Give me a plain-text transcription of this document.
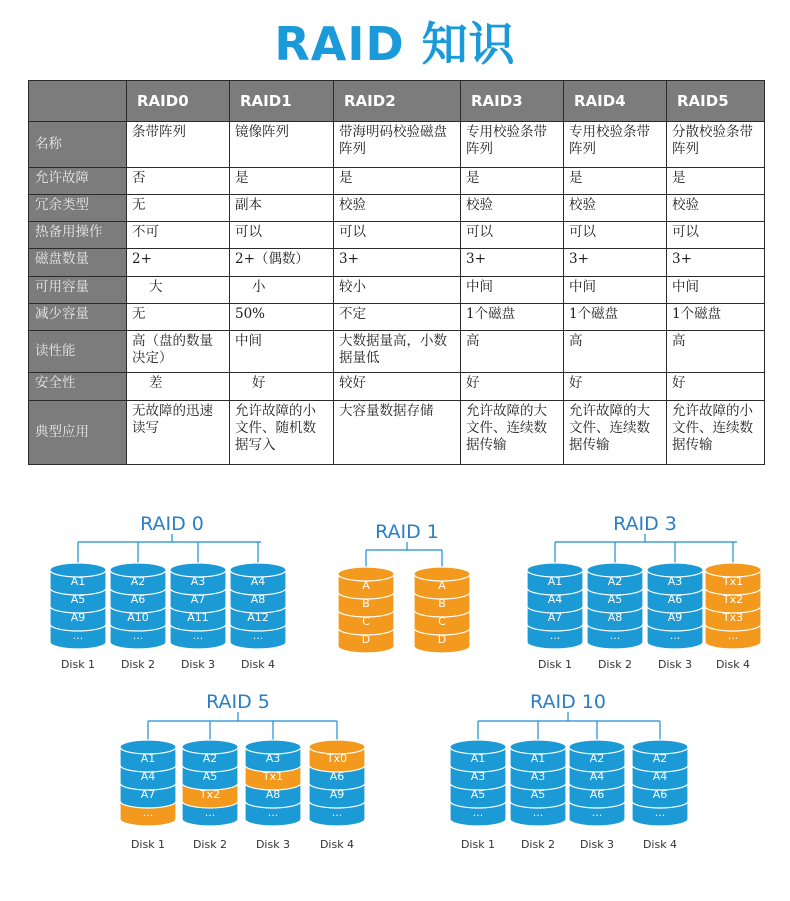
RAID 知识
	RAID0	RAID1	RAID2	RAID3	RAID4	RAID5
名称	条带阵列	镜像阵列	带海明码校验磁盘阵列	专用校验条带阵列	专用校验条带阵列	分散校验条带阵列
允许故障	否	是	是	是	是	是
冗余类型	无	副本	校验	校验	校验	校验
热备用操作	不可	可以	可以	可以	可以	可以
磁盘数量	2+	2+（偶数）	3+	3+	3+	3+
可用容量	大	小	较小	中间	中间	中间
减少容量	无	50%	不定	1个磁盘	1个磁盘	1个磁盘
读性能	高（盘的数量决定）	中间	大数据量高，小数据量低	高	高	高
安全性	差	好	较好	好	好	好
典型应用	无故障的迅速读写	允许故障的小文件、随机数据写入	大容量数据存储	允许故障的大文件、连续数据传输	允许故障的大文件、连续数据传输	允许故障的小文件、连续数据传输
RAID 0
A1
A5
A9
...
Disk 1
A2
A6
A10
...
Disk 2
A3
A7
A11
...
Disk 3
A4
A8
A12
...
Disk 4
RAID 1
A
B
C
D
A
B
C
D
RAID 3
A1
A4
A7
...
Disk 1
A2
A5
A8
...
Disk 2
A3
A6
A9
...
Disk 3
Tx1
Tx2
Tx3
...
Disk 4
RAID 5
A1
A4
A7
...
Disk 1
A2
A5
Tx2
...
Disk 2
A3
Tx1
A8
...
Disk 3
Tx0
A6
A9
...
Disk 4
RAID 10
A1
A3
A5
...
Disk 1
A1
A3
A5
...
Disk 2
A2
A4
A6
...
Disk 3
A2
A4
A6
...
Disk 4
